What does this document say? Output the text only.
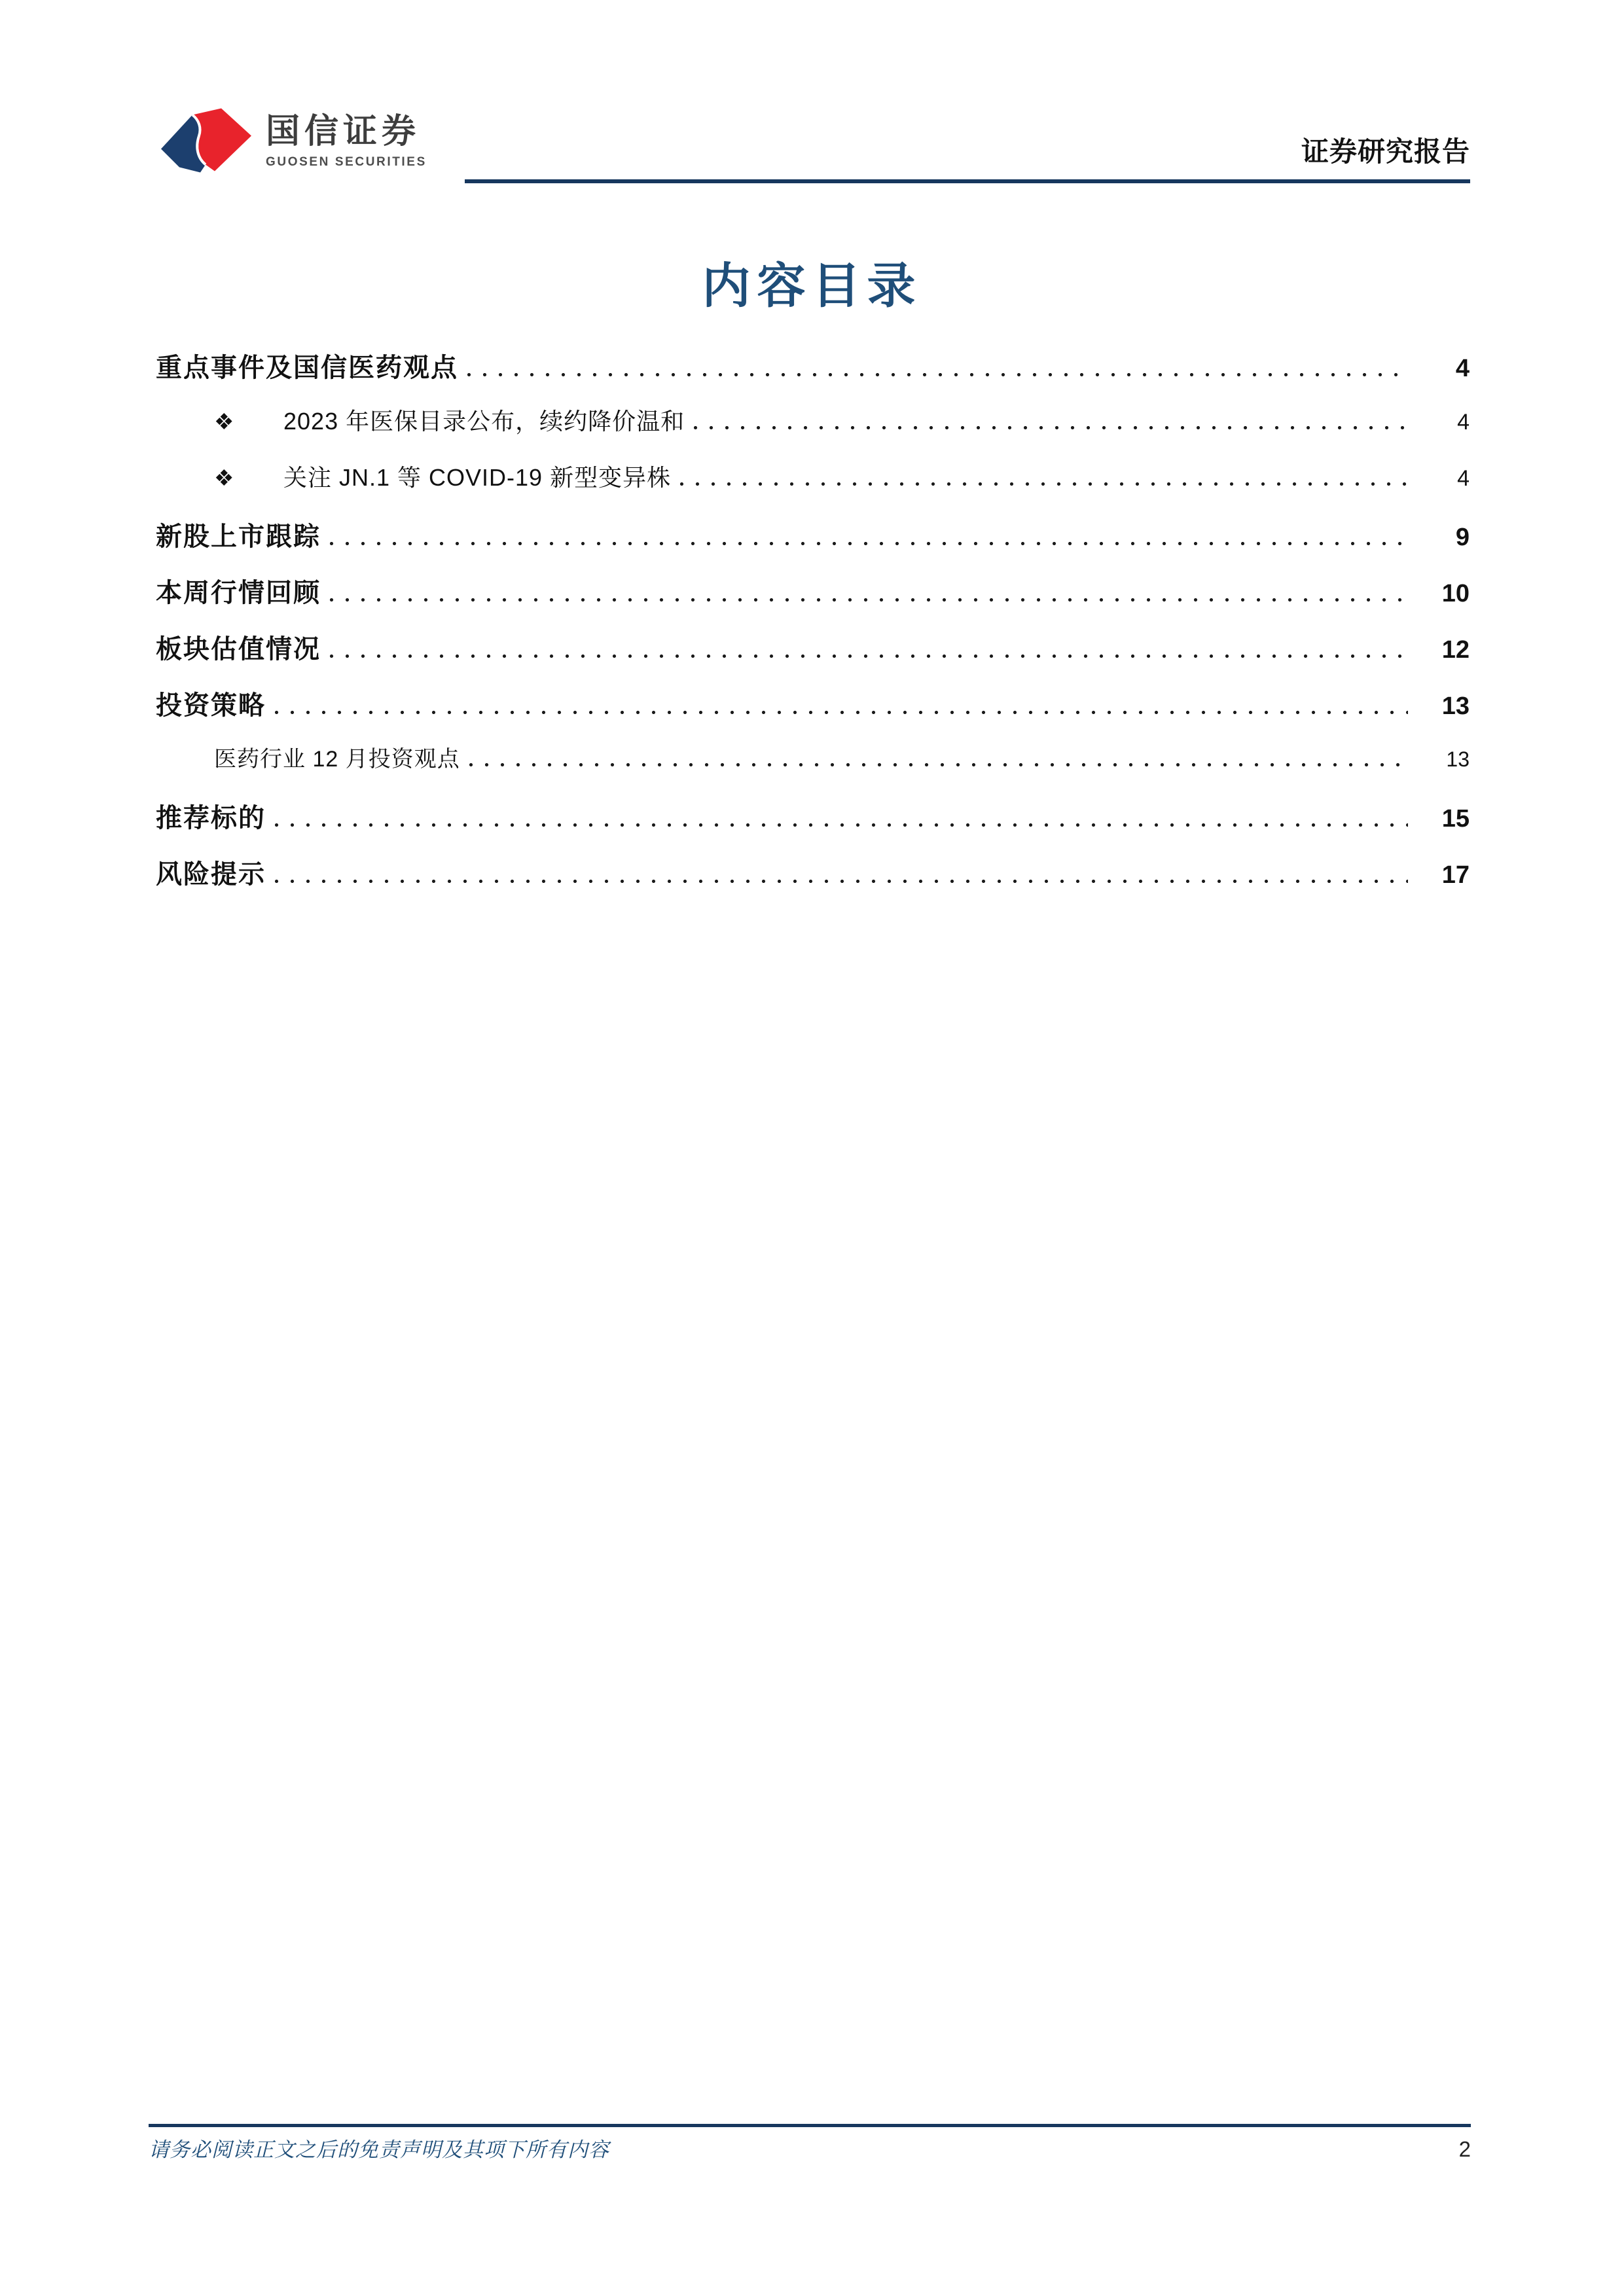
国信证券
GUOSEN SECURITIES	证券研究报告
内容目录
重点事件及国信医药观点	4
❖ 2023 年医保目录公布，续约降价温和	4
❖ 关注 JN.1 等 COVID-19 新型变异株	4
新股上市跟踪	9
本周行情回顾	10
板块估值情况	12
投资策略	13
医药行业 12 月投资观点	13
推荐标的	15
风险提示	17
请务必阅读正文之后的免责声明及其项下所有内容	2
